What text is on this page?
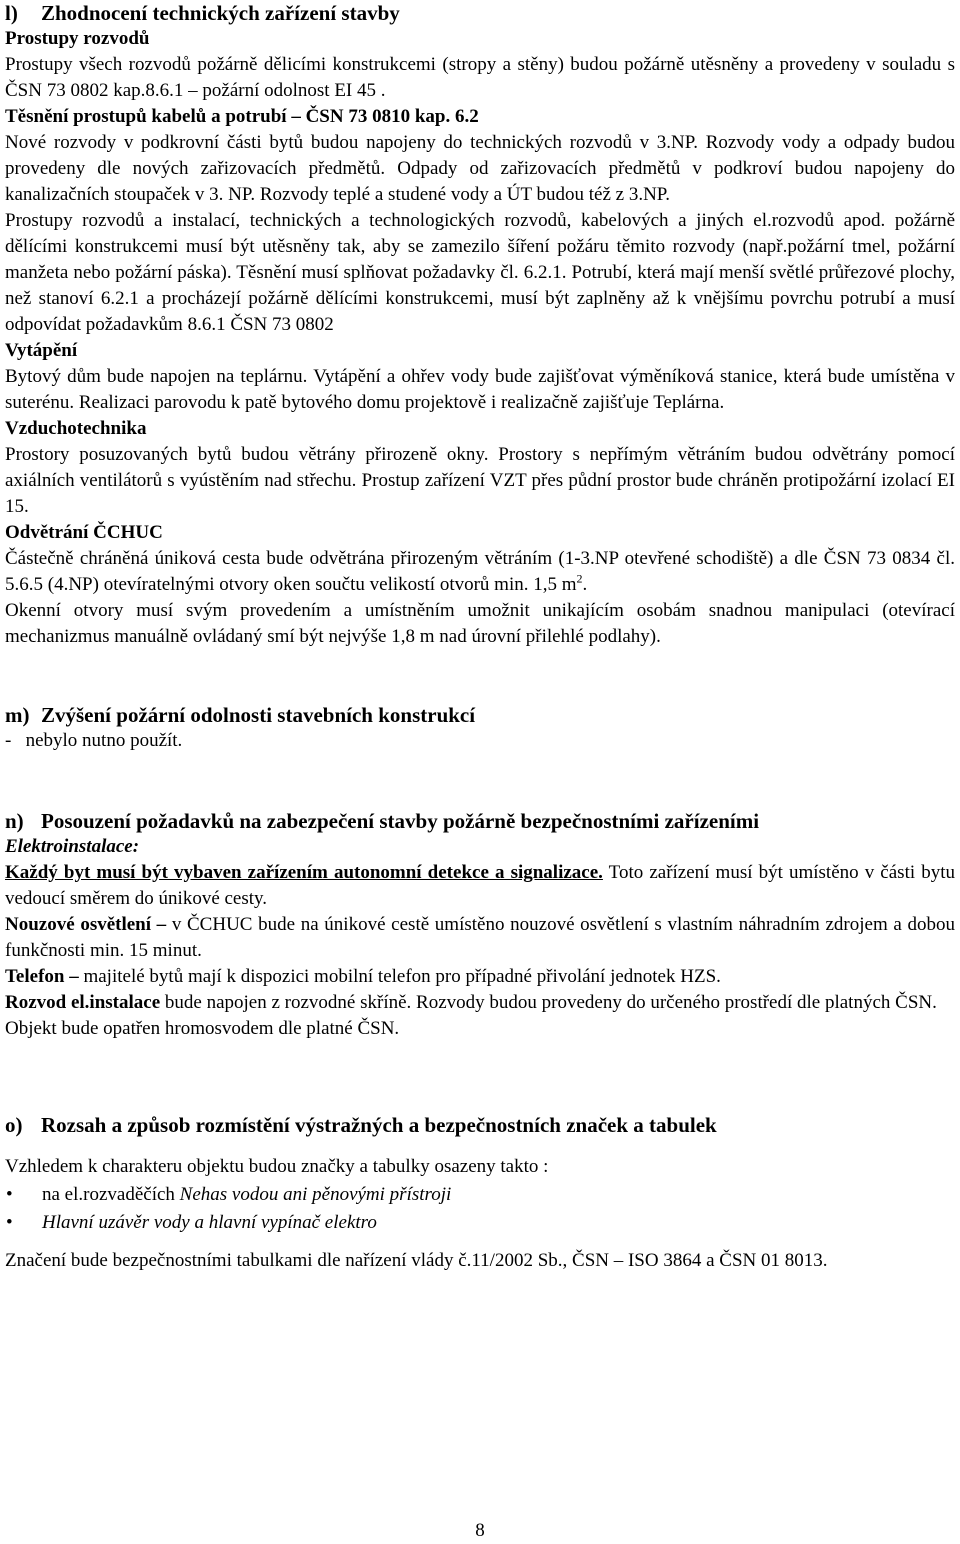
l) Zhodnocení technických zařízení stavby

Prostupy rozvodů

Prostupy všech rozvodů požárně dělicími konstrukcemi (stropy a stěny) budou požárně utěsněny a provedeny v souladu s ČSN 73 0802 kap.8.6.1 – požární odolnost EI 45 .

Těsnění prostupů kabelů a potrubí – ČSN 73 0810 kap. 6.2

Nové rozvody v podkrovní části bytů budou napojeny do technických rozvodů v 3.NP. Rozvody vody a odpady budou provedeny dle nových zařizovacích předmětů. Odpady od zařizovacích předmětů v podkroví budou napojeny do kanalizačních stoupaček v 3. NP. Rozvody teplé a studené vody a ÚT budou též z 3.NP.

Prostupy rozvodů a instalací, technických a technologických rozvodů, kabelových a jiných el.rozvodů apod. požárně dělícími konstrukcemi musí být utěsněny tak, aby se zamezilo šíření požáru těmito rozvody (např.požární tmel, požární manžeta nebo požární páska). Těsnění musí splňovat požadavky čl. 6.2.1. Potrubí, která mají menší světlé průřezové plochy, než stanoví 6.2.1 a procházejí požárně dělícími konstrukcemi, musí být zaplněny až k vnějšímu povrchu potrubí a musí odpovídat požadavkům 8.6.1 ČSN 73 0802

Vytápění

Bytový dům bude napojen na teplárnu. Vytápění a ohřev vody bude zajišťovat výměníková stanice, která bude umístěna v suterénu. Realizaci parovodu k patě bytového domu projektově i realizačně zajišťuje Teplárna.

Vzduchotechnika

Prostory posuzovaných bytů budou větrány přirozeně okny. Prostory s nepřímým větráním budou odvětrány pomocí axiálních ventilátorů s vyústěním nad střechu. Prostup zařízení VZT přes půdní prostor bude chráněn protipožární izolací EI 15.

Odvětrání ČCHUC

Částečně chráněná úniková cesta bude odvětrána přirozeným větráním (1-3.NP otevřené schodiště) a dle ČSN 73 0834 čl. 5.6.5 (4.NP) otevíratelnými otvory oken součtu velikostí otvorů min. 1,5 $m^2$.

Okenní otvory musí svým provedením a umístněním umožnit unikajícím osobám snadnou manipulaci (otevírací mechanizmus manuálně ovládaný smí být nejvýše 1,8 m nad úrovní přilehlé podlahy).

m) Zvýšení požární odolnosti stavebních konstrukcí

-   nebylo nutno použít.

n) Posouzení požadavků na zabezpečení stavby požárně bezpečnostními zařízeními

Elektroinstalace:

Každý byt musí být vybaven zařízením autonomní detekce a signalizace. Toto zařízení musí být umístěno v části bytu vedoucí směrem do únikové cesty.

Nouzové osvětlení – v ČCHUC bude na únikové cestě umístěno nouzové osvětlení s vlastním náhradním zdrojem a dobou funkčnosti min. 15 minut.

Telefon – majitelé bytů mají k dispozici mobilní telefon pro případné přivolání jednotek HZS.

Rozvod el.instalace bude napojen z rozvodné skříně. Rozvody budou provedeny do určeného prostředí dle platných ČSN.

Objekt bude opatřen hromosvodem dle platné ČSN.

o) Rozsah a způsob rozmístění výstražných a bezpečnostních značek a tabulek

Vzhledem k charakteru objektu budou značky a tabulky osazeny takto :

• na el.rozvaděčích Nehas vodou ani pěnovými přístroji
• Hlavní uzávěr vody a hlavní vypínač elektro

Značení bude bezpečnostními tabulkami dle nařízení vlády č.11/2002 Sb., ČSN – ISO 3864 a ČSN 01 8013.

8
